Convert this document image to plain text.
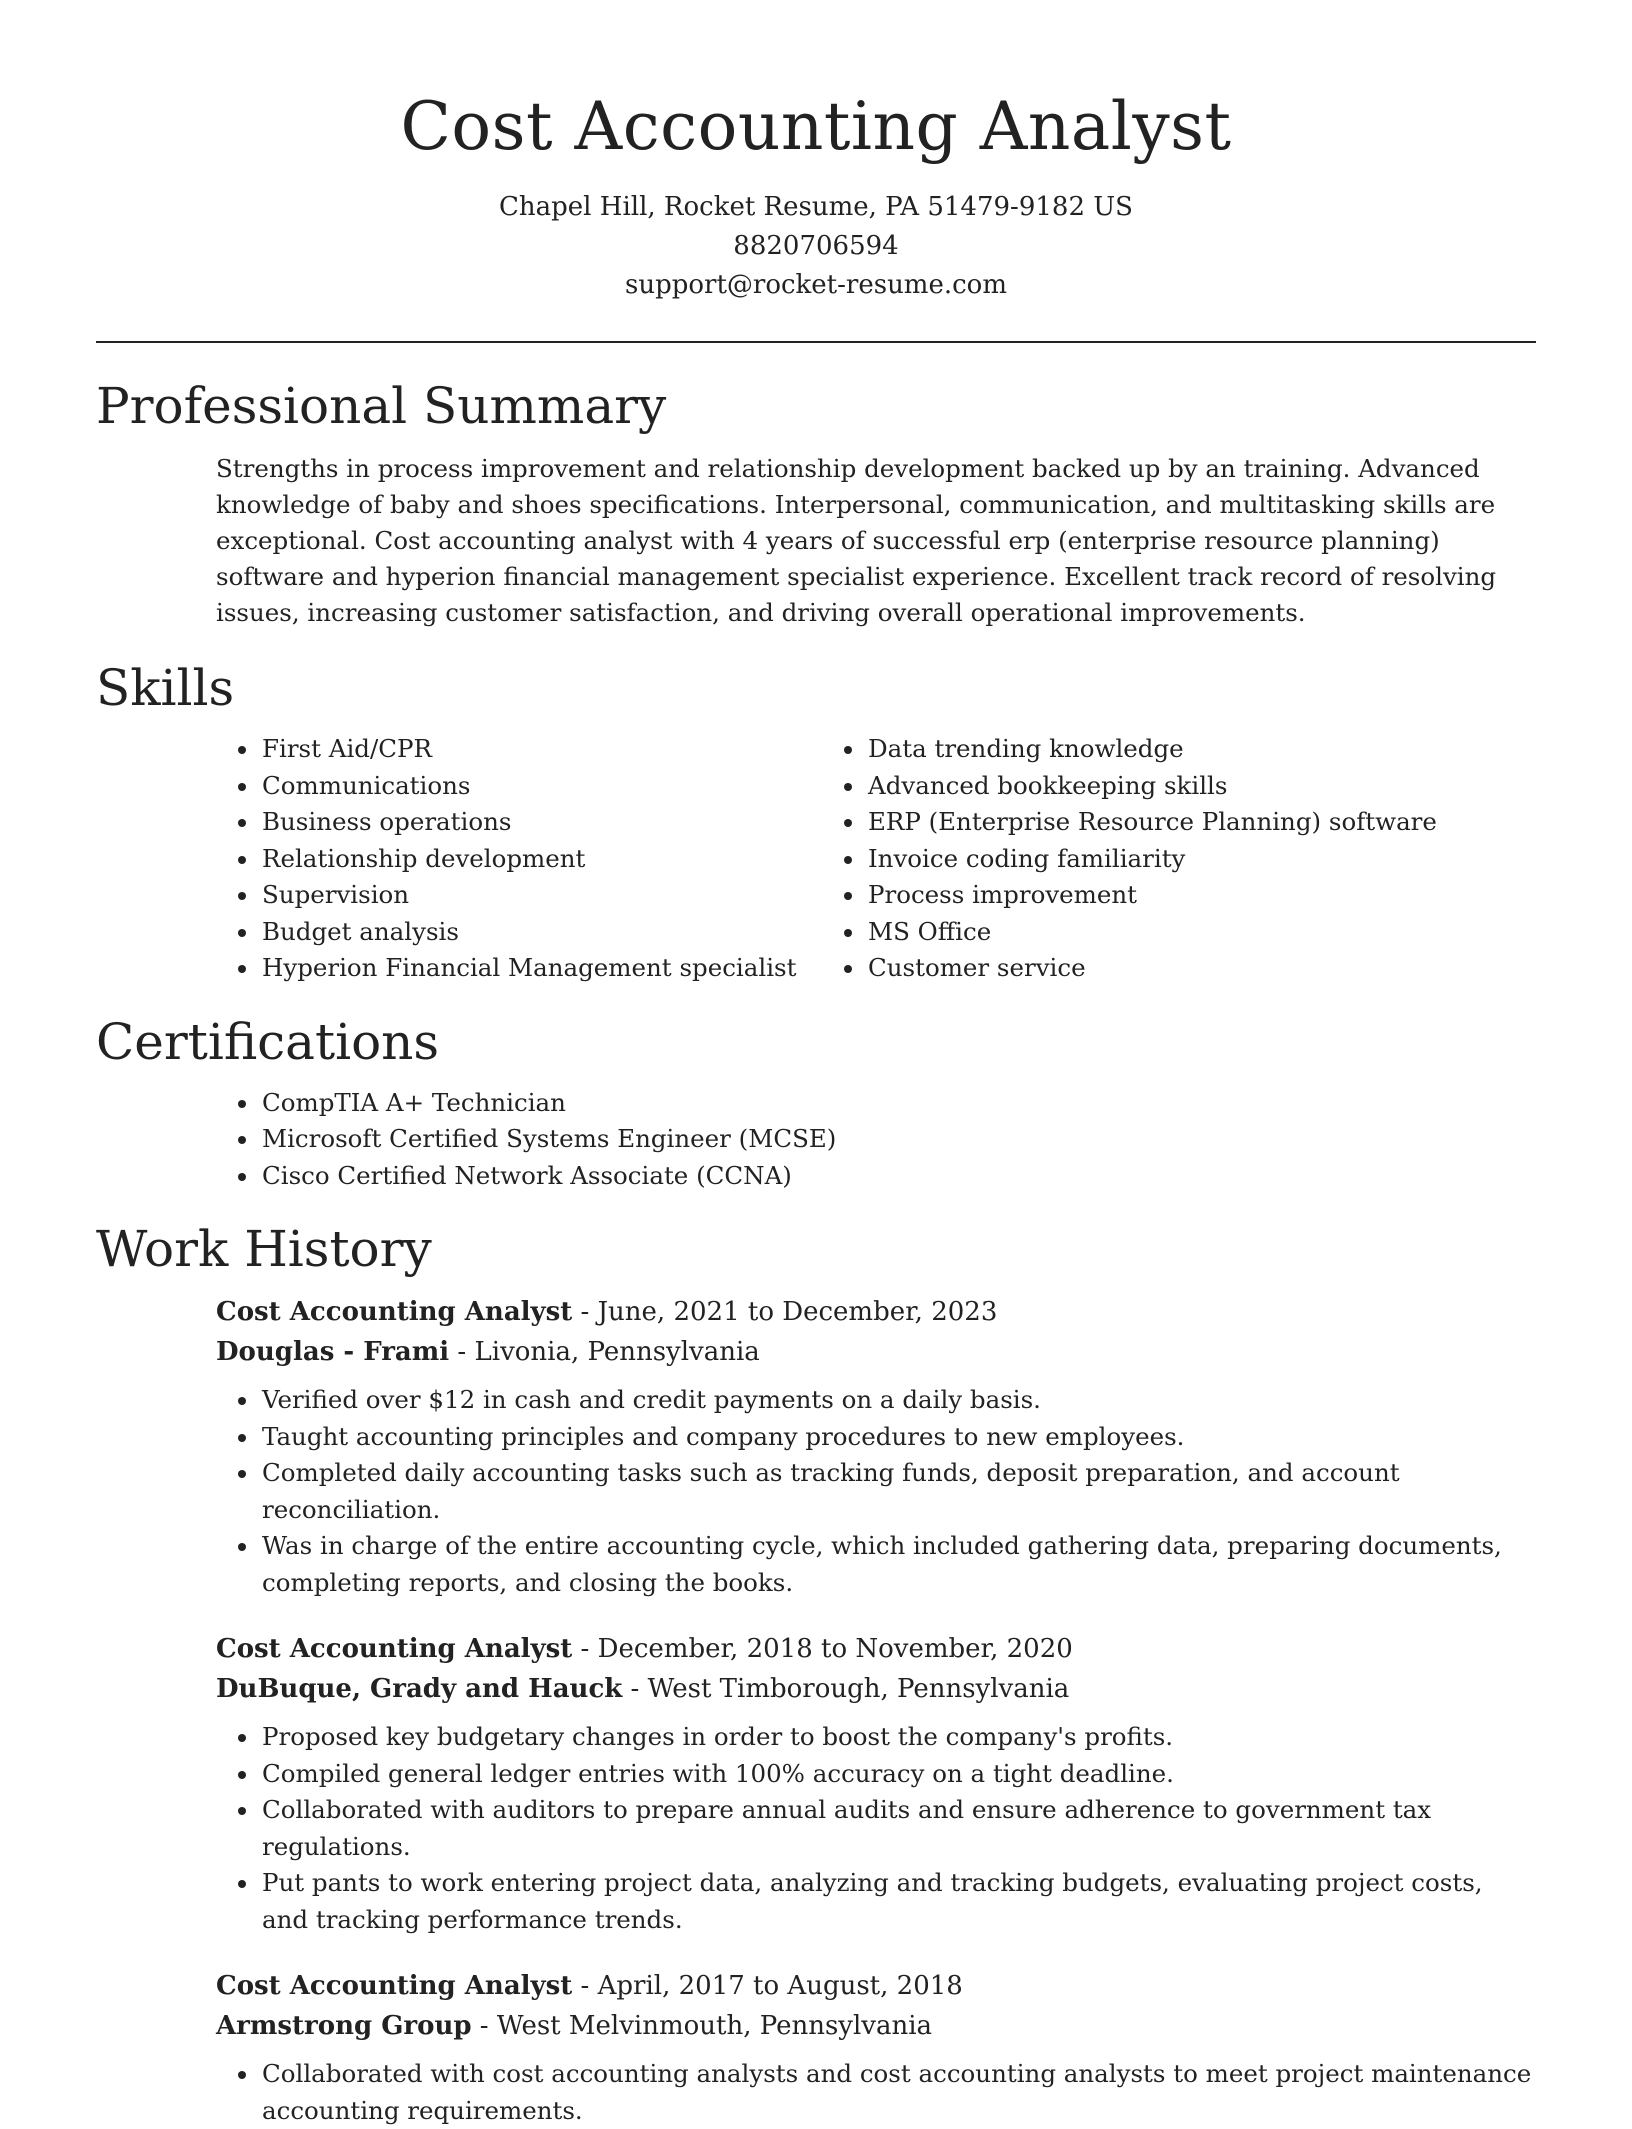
Cost Accounting Analyst
Chapel Hill, Rocket Resume, PA 51479-9182 US
8820706594
support@rocket-resume.com
Professional Summary

Strengths in process improvement and relationship development backed up by an training. Advanced knowledge of baby and shoes specifications. Interpersonal, communication, and multitasking skills are exceptional. Cost accounting analyst with 4 years of successful erp (enterprise resource planning) software and hyperion financial management specialist experience. Excellent track record of resolving issues, increasing customer satisfaction, and driving overall operational improvements.

Skills
• First Aid/CPR
• Communications
• Business operations
• Relationship development
• Supervision
• Budget analysis
• Hyperion Financial Management specialist
• Data trending knowledge
• Advanced bookkeeping skills
• ERP (Enterprise Resource Planning) software
• Invoice coding familiarity
• Process improvement
• MS Office
• Customer service
Certifications
• CompTIA A+ Technician
• Microsoft Certified Systems Engineer (MCSE)
• Cisco Certified Network Associate (CCNA)
Work History
Cost Accounting Analyst - June, 2021 to December, 2023
Douglas - Frami - Livonia, Pennsylvania
• Verified over $12 in cash and credit payments on a daily basis.
• Taught accounting principles and company procedures to new employees.
• Completed daily accounting tasks such as tracking funds, deposit preparation, and account reconciliation.
• Was in charge of the entire accounting cycle, which included gathering data, preparing documents, completing reports, and closing the books.
Cost Accounting Analyst - December, 2018 to November, 2020
DuBuque, Grady and Hauck - West Timborough, Pennsylvania
• Proposed key budgetary changes in order to boost the company's profits.
• Compiled general ledger entries with 100% accuracy on a tight deadline.
• Collaborated with auditors to prepare annual audits and ensure adherence to government tax regulations.
• Put pants to work entering project data, analyzing and tracking budgets, evaluating project costs, and tracking performance trends.
Cost Accounting Analyst - April, 2017 to August, 2018
Armstrong Group - West Melvinmouth, Pennsylvania
• Collaborated with cost accounting analysts and cost accounting analysts to meet project maintenance accounting requirements.
